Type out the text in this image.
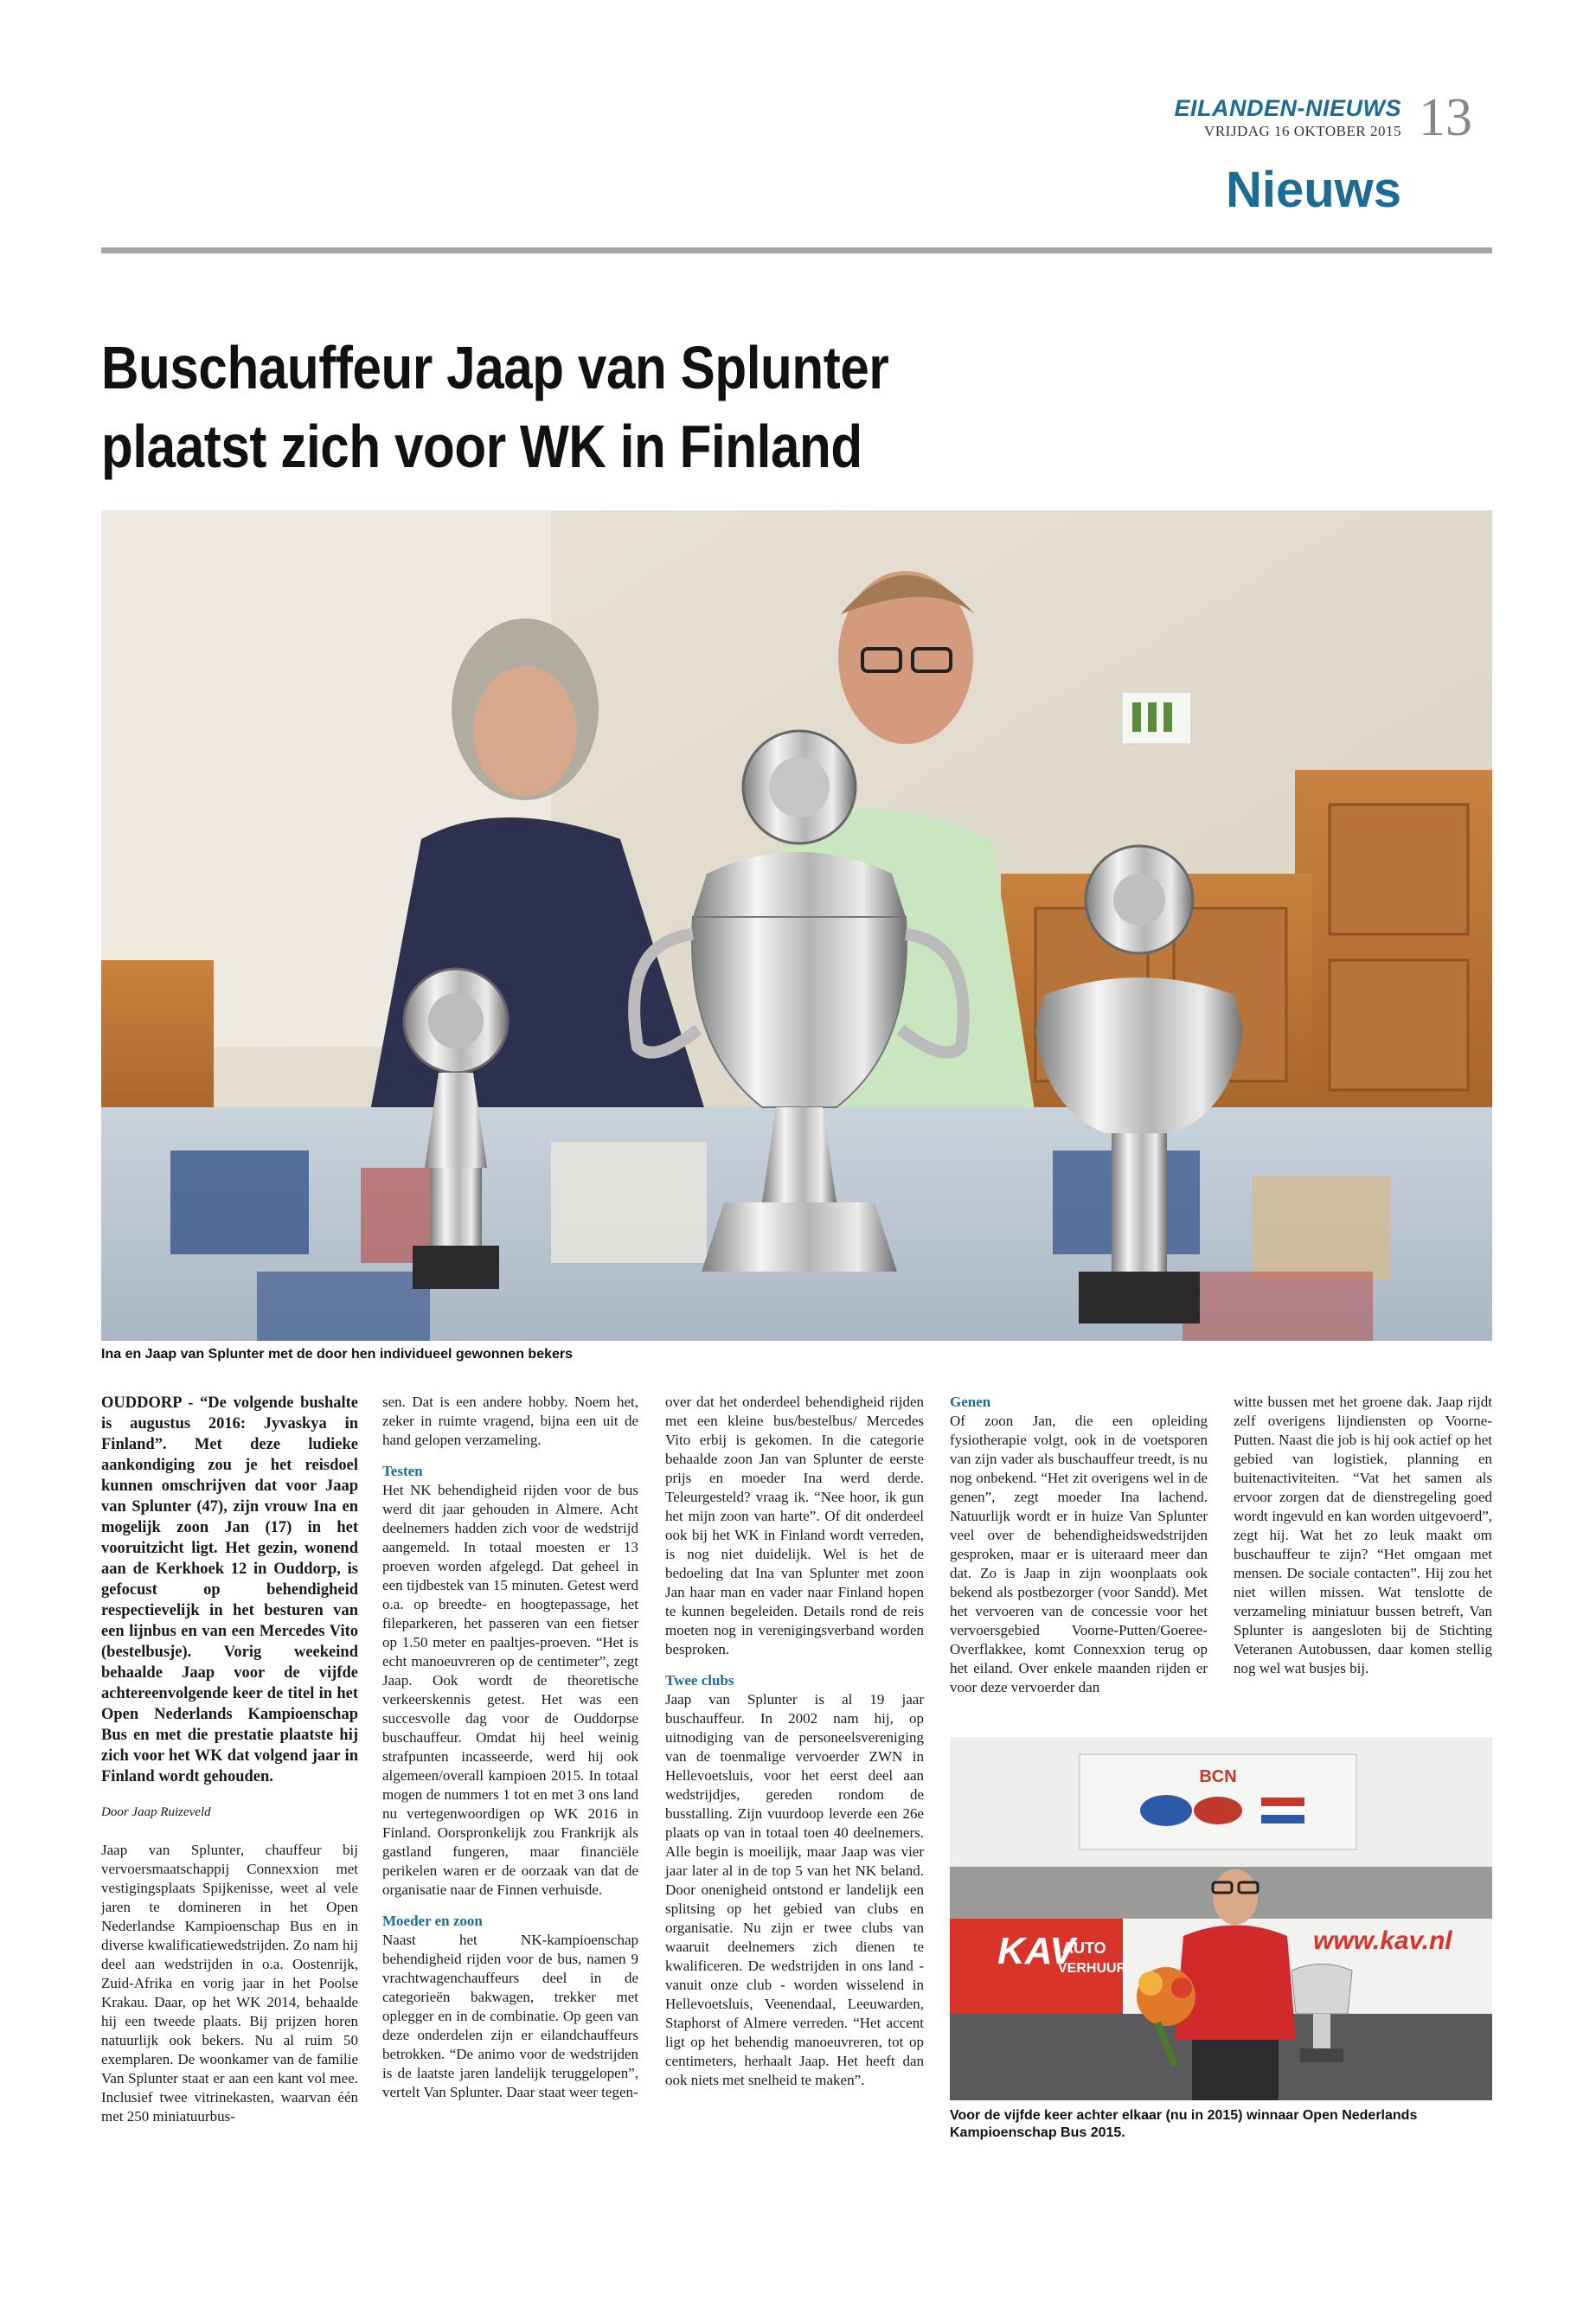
EILANDEN-NIEUWS
VRIJDAG 16 OKTOBER 2015 13
Nieuws
Buschauffeur Jaap van Splunter
plaatst zich voor WK in Finland
Ina en Jaap van Splunter met de door hen individueel gewonnen bekers

OUDDORP - “De volgende bushalte is augustus 2016: Jyvaskya in Finland”. Met deze ludieke aankondiging zou je het reisdoel kunnen omschrijven dat voor Jaap van Splunter (47), zijn vrouw Ina en mogelijk zoon Jan (17) in het vooruitzicht ligt. Het gezin, wonend aan de Kerkhoek 12 in Ouddorp, is gefocust op behendigheid respectievelijk in het besturen van een lijnbus en van een Mercedes Vito (bestelbusje). Vorig weekeind behaalde Jaap voor de vijfde achtereenvolgende keer de titel in het Open Nederlands Kampioenschap Bus en met die prestatie plaatste hij zich voor het WK dat volgend jaar in Finland wordt gehouden.

Door Jaap Ruizeveld

Jaap van Splunter, chauffeur bij vervoersmaatschappij Connexxion met vestigingsplaats Spijkenisse, weet al vele jaren te domineren in het Open Nederlandse Kampioenschap Bus en in diverse kwalificatiewedstrijden. Zo nam hij deel aan wedstrijden in o.a. Oostenrijk, Zuid-Afrika en vorig jaar in het Poolse Krakau. Daar, op het WK 2014, behaalde hij een tweede plaats. Bij prijzen horen natuurlijk ook bekers. Nu al ruim 50 exemplaren. De woonkamer van de familie Van Splunter staat er aan een kant vol mee. Inclusief twee vitrinekasten, waarvan één met 250 miniatuurbus-

sen. Dat is een andere hobby. Noem het, zeker in ruimte vragend, bijna een uit de hand gelopen verzameling.

Testen

Het NK behendigheid rijden voor de bus werd dit jaar gehouden in Almere. Acht deelnemers hadden zich voor de wedstrijd aangemeld. In totaal moesten er 13 proeven worden afgelegd. Dat geheel in een tijdbestek van 15 minuten. Getest werd o.a. op breedte- en hoogtepassage, het fileparkeren, het passeren van een fietser op 1.50 meter en paaltjes-proeven. “Het is echt manoeuvreren op de centimeter”, zegt Jaap. Ook wordt de theoretische verkeerskennis getest. Het was een succesvolle dag voor de Ouddorpse buschauffeur. Omdat hij heel weinig strafpunten incasseerde, werd hij ook algemeen/overall kampioen 2015. In totaal mogen de nummers 1 tot en met 3 ons land nu vertegenwoordigen op WK 2016 in Finland. Oorspronkelijk zou Frankrijk als gastland fungeren, maar financiële perikelen waren er de oorzaak van dat de organisatie naar de Finnen verhuisde.

Moeder en zoon

Naast het NK-kampioenschap behendigheid rijden voor de bus, namen 9 vrachtwagenchauffeurs deel in de categorieën bakwagen, trekker met oplegger en in de combinatie. Op geen van deze onderdelen zijn er eilandchauffeurs betrokken. “De animo voor de wedstrijden is de laatste jaren landelijk teruggelopen”, vertelt Van Splunter. Daar staat weer tegen-

over dat het onderdeel behendigheid rijden met een kleine bus/bestelbus/ Mercedes Vito erbij is gekomen. In die categorie behaalde zoon Jan van Splunter de eerste prijs en moeder Ina werd derde. Teleurgesteld? vraag ik. “Nee hoor, ik gun het mijn zoon van harte”. Of dit onderdeel ook bij het WK in Finland wordt verreden, is nog niet duidelijk. Wel is het de bedoeling dat Ina van Splunter met zoon Jan haar man en vader naar Finland hopen te kunnen begeleiden. Details rond de reis moeten nog in verenigingsverband worden besproken.

Twee clubs

Jaap van Splunter is al 19 jaar buschauffeur. In 2002 nam hij, op uitnodiging van de personeelsvereniging van de toenmalige vervoerder ZWN in Hellevoetsluis, voor het eerst deel aan wedstrijdjes, gereden rondom de busstalling. Zijn vuurdoop leverde een 26e plaats op van in totaal toen 40 deelnemers. Alle begin is moeilijk, maar Jaap was vier jaar later al in de top 5 van het NK beland. Door onenigheid ontstond er landelijk een splitsing op het gebied van clubs en organisatie. Nu zijn er twee clubs van waaruit deelnemers zich dienen te kwalificeren. De wedstrijden in ons land - vanuit onze club - worden wisselend in Hellevoetsluis, Veenendaal, Leeuwarden, Staphorst of Almere verreden. “Het accent ligt op het behendig manoeuvreren, tot op centimeters, herhaalt Jaap. Het heeft dan ook niets met snelheid te maken”.

Genen

Of zoon Jan, die een opleiding fysiotherapie volgt, ook in de voetsporen van zijn vader als buschauffeur treedt, is nu nog onbekend. “Het zit overigens wel in de genen”, zegt moeder Ina lachend. Natuurlijk wordt er in huize Van Splunter veel over de behendigheidswedstrijden gesproken, maar er is uiteraard meer dan dat. Zo is Jaap in zijn woonplaats ook bekend als postbezorger (voor Sandd). Met het vervoeren van de concessie voor het vervoersgebied Voorne-Putten/Goeree-Overflakkee, komt Connexxion terug op het eiland. Over enkele maanden rijden er voor deze vervoerder dan

witte bussen met het groene dak. Jaap rijdt zelf overigens lijndiensten op Voorne-Putten. Naast die job is hij ook actief op het gebied van logistiek, planning en buitenactiviteiten. “Vat het samen als ervoor zorgen dat de dienstregeling goed wordt ingevuld en kan worden uitgevoerd”, zegt hij. Wat het zo leuk maakt om buschauffeur te zijn? “Het omgaan met mensen. De sociale contacten”. Hij zou het niet willen missen. Wat tenslotte de verzameling miniatuur bussen betreft, Van Splunter is aangesloten bij de Stichting Veteranen Autobussen, daar komen stellig nog wel wat busjes bij.

BCN
KAV
AUTO
VERHUUR
www.kav.nl
Voor de vijfde keer achter elkaar (nu in 2015) winnaar Open Nederlands Kampioenschap Bus 2015.
